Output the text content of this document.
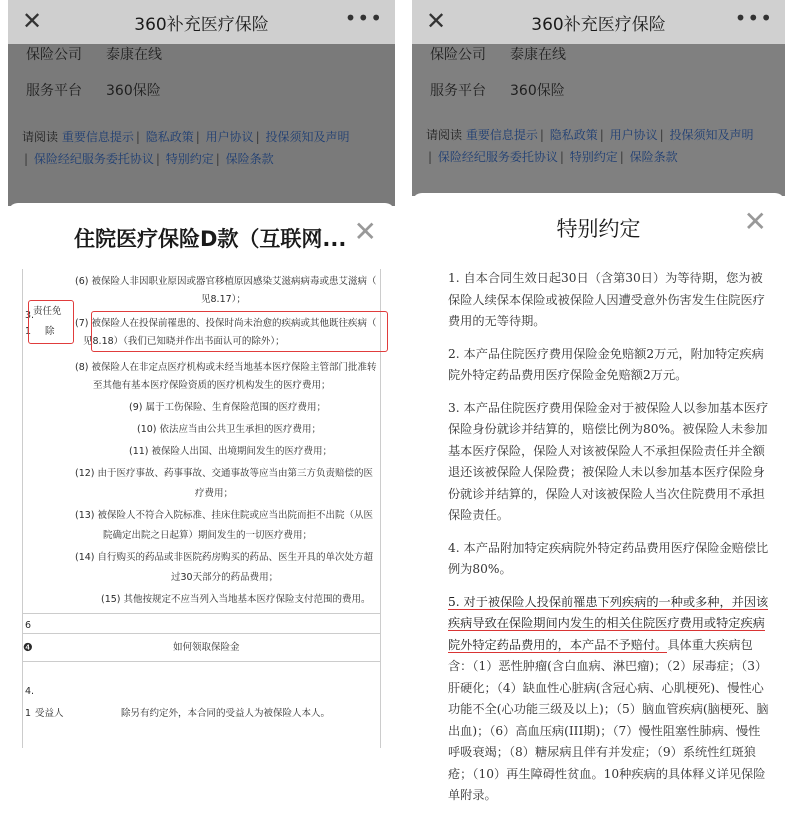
✕	360补充医疗保险	•••
保险公司	泰康在线
服务平台	360保险
请阅读 重要信息提示 | 隐私政策 | 用户协议 | 投保须知及声明
| 保险经纪服务委托协议 | 特别约定 | 保险条款
住院医疗保险D款（互联网... ✕
3.
1
责任免
除
(6) 被保险人非因职业原因或器官移植原因感染艾滋病病毒或患艾滋病（
见8.17）；
(7) 被保险人在投保前罹患的、投保时尚未治愈的疾病或其他既往疾病（
见8.18）（我们已知晓并作出书面认可的除外）；
(8) 被保险人在非定点医疗机构或未经当地基本医疗保险主管部门批准转
至其他有基本医疗保险资质的医疗机构发生的医疗费用；
(9) 属于工伤保险、生育保险范围的医疗费用；
(10) 依法应当由公共卫生承担的医疗费用；
(11) 被保险人出国、出境期间发生的医疗费用；
(12) 由于医疗事故、药事事故、交通事故等应当由第三方负责赔偿的医
疗费用；
(13) 被保险人不符合入院标准、挂床住院或应当出院而拒不出院（从医
院确定出院之日起算）期间发生的一切医疗费用；
(14) 自行购买的药品或非医院药房购买的药品、医生开具的单次处方超
过30天部分的药品费用；
(15) 其他按规定不应当列入当地基本医疗保险支付范围的费用。
6
❹	如何领取保险金
4.
1 受益人	除另有约定外，本合同的受益人为被保险人本人。
✕	360补充医疗保险	•••
保险公司	泰康在线
服务平台	360保险
请阅读 重要信息提示 | 隐私政策 | 用户协议 | 投保须知及声明
| 保险经纪服务委托协议 | 特别约定 | 保险条款
特别约定	✕

1. 自本合同生效日起30日（含第30日）为等待期，您为被保险人续保本保险或被保险人因遭受意外伤害发生住院医疗费用的无等待期。

2. 本产品住院医疗费用保险金免赔额2万元，附加特定疾病院外特定药品费用医疗保险金免赔额2万元。

3. 本产品住院医疗费用保险金对于被保险人以参加基本医疗保险身份就诊并结算的，赔偿比例为80%。被保险人未参加基本医疗保险，保险人对该被保险人不承担保险责任并全额退还该被保险人保险费；被保险人未以参加基本医疗保险身份就诊并结算的，保险人对该被保险人当次住院费用不承担保险责任。

4. 本产品附加特定疾病院外特定药品费用医疗保险金赔偿比例为80%。

5. 对于被保险人投保前罹患下列疾病的一种或多种，并因该疾病导致在保险期间内发生的相关住院医疗费用或特定疾病院外特定药品费用的，本产品不予赔付。具体重大疾病包含：（1）恶性肿瘤(含白血病、淋巴瘤)；（2）尿毒症；（3）肝硬化；（4）缺血性心脏病(含冠心病、心肌梗死)、慢性心功能不全(心功能三级及以上)；（5）脑血管疾病(脑梗死、脑出血)；（6）高血压病(III期)；（7）慢性阻塞性肺病、慢性呼吸衰竭；（8）糖尿病且伴有并发症；（9）系统性红斑狼疮；（10）再生障碍性贫血。10种疾病的具体释义详见保险单附录。
